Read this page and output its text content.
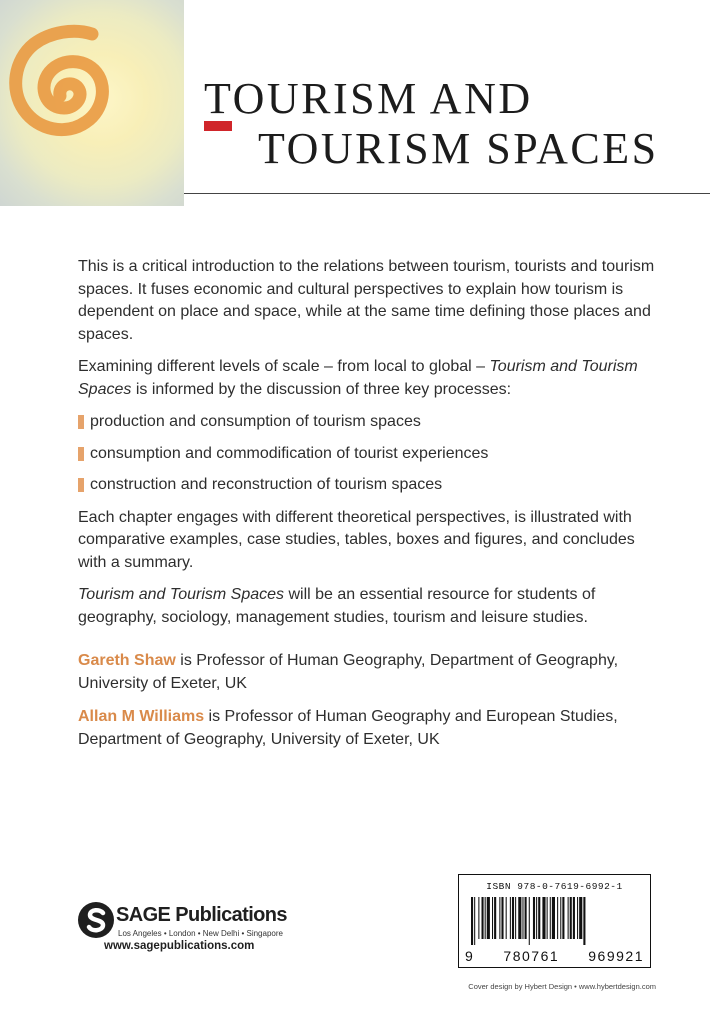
TOURISM AND
TOURISM SPACES

This is a critical introduction to the relations between tourism, tourists and tourism spaces. It fuses economic and cultural perspectives to explain how tourism is dependent on place and space, while at the same time defining those places and spaces.

Examining different levels of scale – from local to global – Tourism and Tourism Spaces is informed by the discussion of three key processes:

production and consumption of tourism spaces
consumption and commodification of tourist experiences
construction and reconstruction of tourism spaces

Each chapter engages with different theoretical perspectives, is illustrated with comparative examples, case studies, tables, boxes and figures, and concludes with a summary.

Tourism and Tourism Spaces will be an essential resource for students of geography, sociology, management studies, tourism and leisure studies.

Gareth Shaw is Professor of Human Geography, Department of Geography, University of Exeter, UK

Allan M Williams is Professor of Human Geography and European Studies, Department of Geography, University of Exeter, UK

SAGE Publications
Los Angeles • London • New Delhi • Singapore
www.sagepublications.com
ISBN 978-0-7619-6992-1
9 780761 969921
Cover design by Hybert Design • www.hybertdesign.com
